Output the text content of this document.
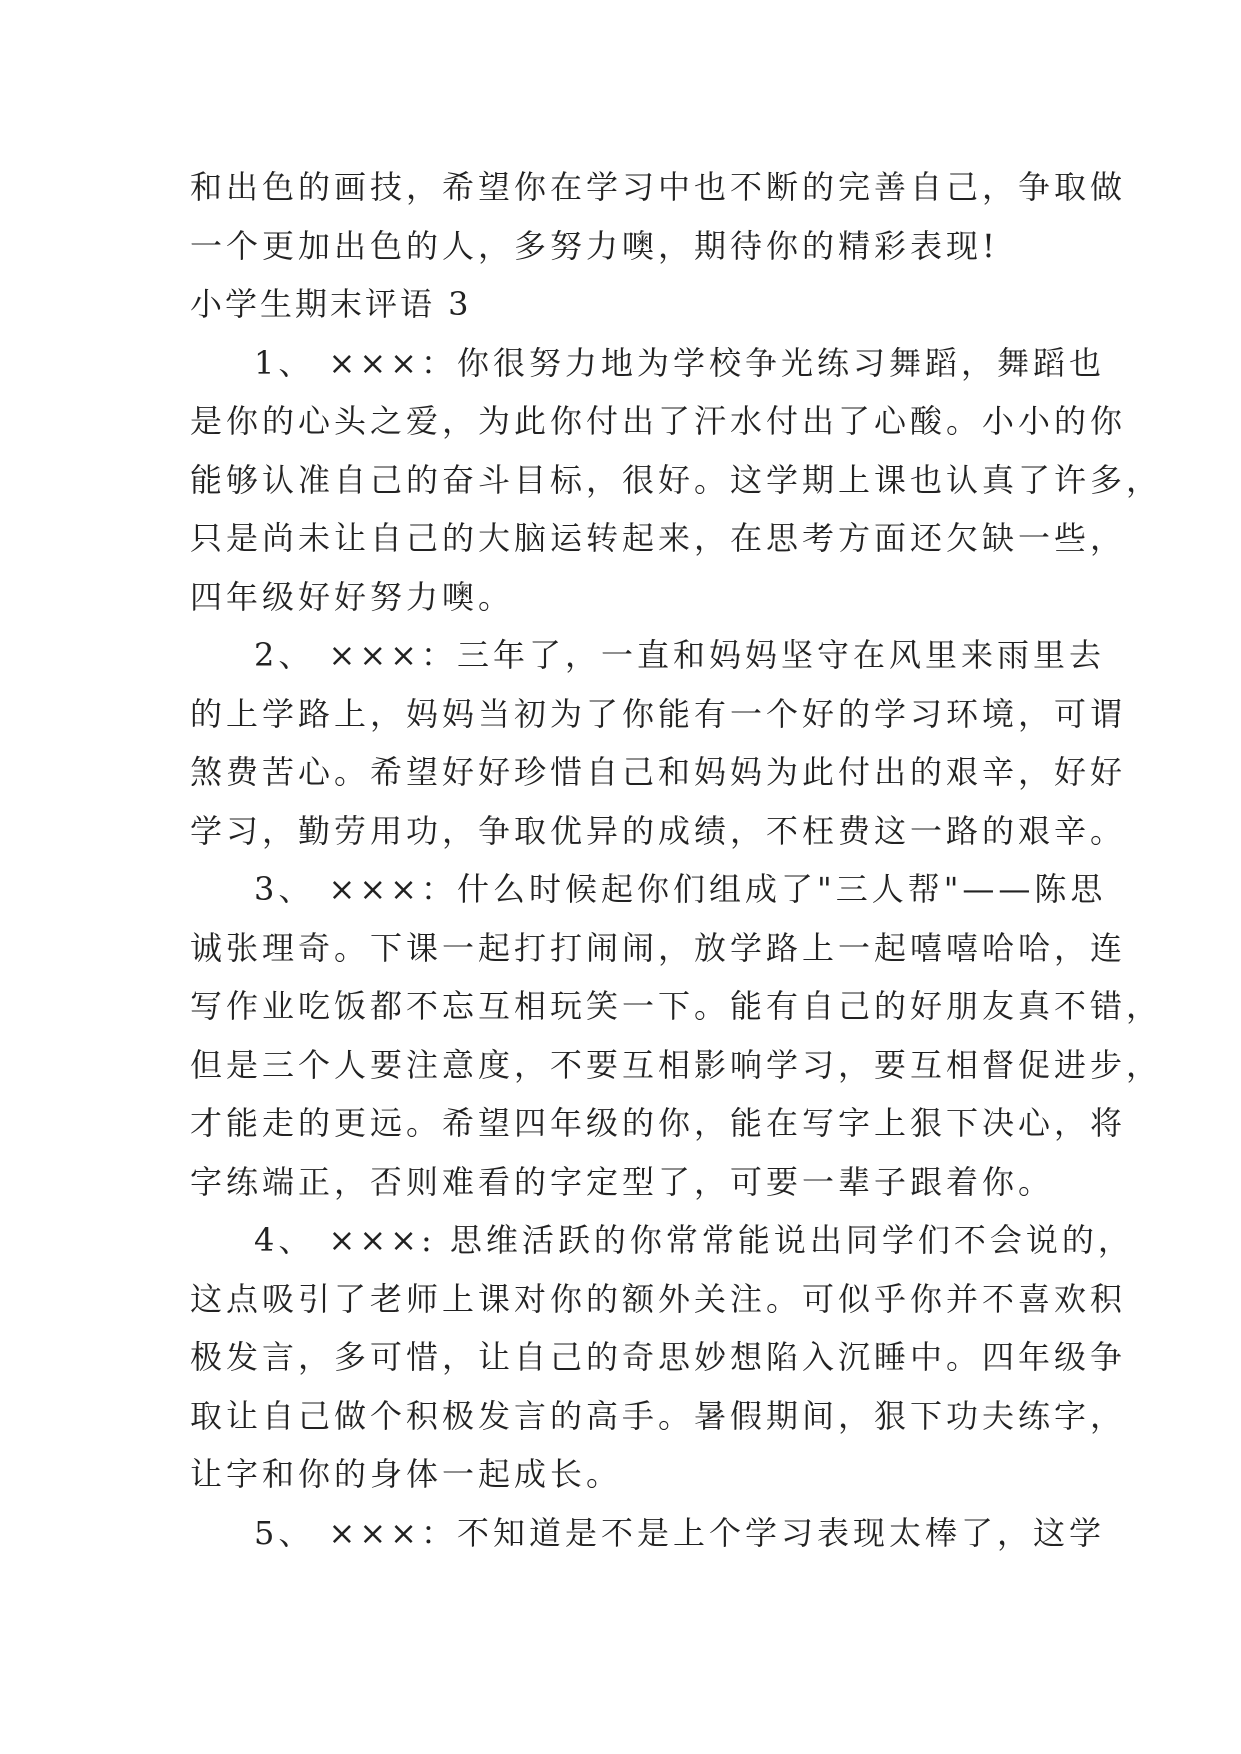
和出色的画技，希望你在学习中也不断的完善自己，争取做
一个更加出色的人，多努力噢，期待你的精彩表现!
小学生期末评语 3
1、 ×××：你很努力地为学校争光练习舞蹈，舞蹈也
是你的心头之爱，为此你付出了汗水付出了心酸。小小的你
能够认准自己的奋斗目标，很好。这学期上课也认真了许多，
只是尚未让自己的大脑运转起来，在思考方面还欠缺一些，
四年级好好努力噢。
2、 ×××：三年了，一直和妈妈坚守在风里来雨里去
的上学路上，妈妈当初为了你能有一个好的学习环境，可谓
煞费苦心。希望好好珍惜自己和妈妈为此付出的艰辛，好好
学习，勤劳用功，争取优异的成绩，不枉费这一路的艰辛。
3、 ×××：什么时候起你们组成了"三人帮"——陈思
诚张理奇。下课一起打打闹闹，放学路上一起嘻嘻哈哈，连
写作业吃饭都不忘互相玩笑一下。能有自己的好朋友真不错，
但是三个人要注意度，不要互相影响学习，要互相督促进步，
才能走的更远。希望四年级的你，能在写字上狠下决心，将
字练端正，否则难看的字定型了，可要一辈子跟着你。
4、 ×××: 思维活跃的你常常能说出同学们不会说的，
这点吸引了老师上课对你的额外关注。可似乎你并不喜欢积
极发言，多可惜，让自己的奇思妙想陷入沉睡中。四年级争
取让自己做个积极发言的高手。暑假期间，狠下功夫练字，
让字和你的身体一起成长。
5、 ×××：不知道是不是上个学习表现太棒了，这学
